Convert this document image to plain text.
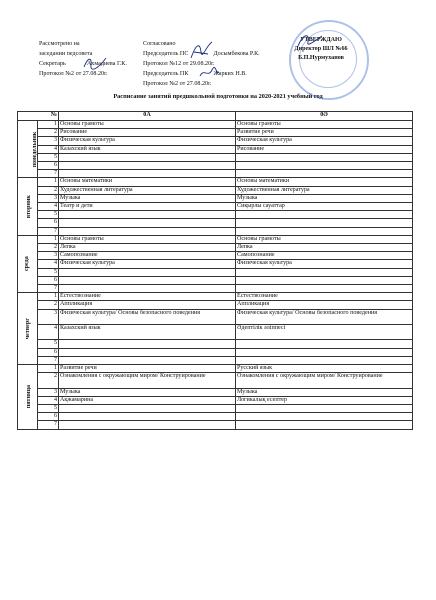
Рассмотрено на
заседании педсовета
Секретарь	Ахмадиева Г.К.
Протокол №2 от 27.08.20г.
Согласовано
Председатель ПС	Досымбекова Р.К.
Протокол №12 от 29.08.20г.
Председатель ПК	Жарких Н.В.
Протокол №2 от 27.08.20г.
УТВЕРЖДАЮ
Директор ШЛ №66
Б.П.Нурмуханов
Расписание занятий предшкольной подготовки на 2020-2021 учебный год
№		0А	0Ә
понедельник	1	Основы грамоты	Основы грамоты
	2	Рисование	Развитие речи
	3	Физическая культура	Физическая культура
	4	Казахский язык	Рисование
	5		
	6		
	7		
вторник	1	Основы математики	Основы математики
	2	Художественная литература	Художественная литература
	3	Музыка	Музыка
	4	Театр и дети	Сиқырлы сауаттар
	5		
	6		
	7		
среда	1	Основы грамоты	Основы грамоты
	2	Лепка	Лепка
	3	Самопознание	Самопознание
	4	Физическая культура	Физическая культура
	5		
	6		
	7		
четверг	1	Естествознание	Естествознание
	2	Аппликация	Аппликация
	3	Физическая культура/ Основы безопасного поведения	Физическая культура/ Основы безопасного поведения
	4	Казахский язык	Әдептілік әліппесі
	5		
	6		
	7		
пятница	1	Развитие речи	Русский язык
	2	Ознакомления с окружающим миром/ Конструирование	Ознакомления с окружающим миром/ Конструирование
	3	Музыка	Музыка
	4	Ақжамарина	Логикалық есептер
	5		
	6		
	7		
